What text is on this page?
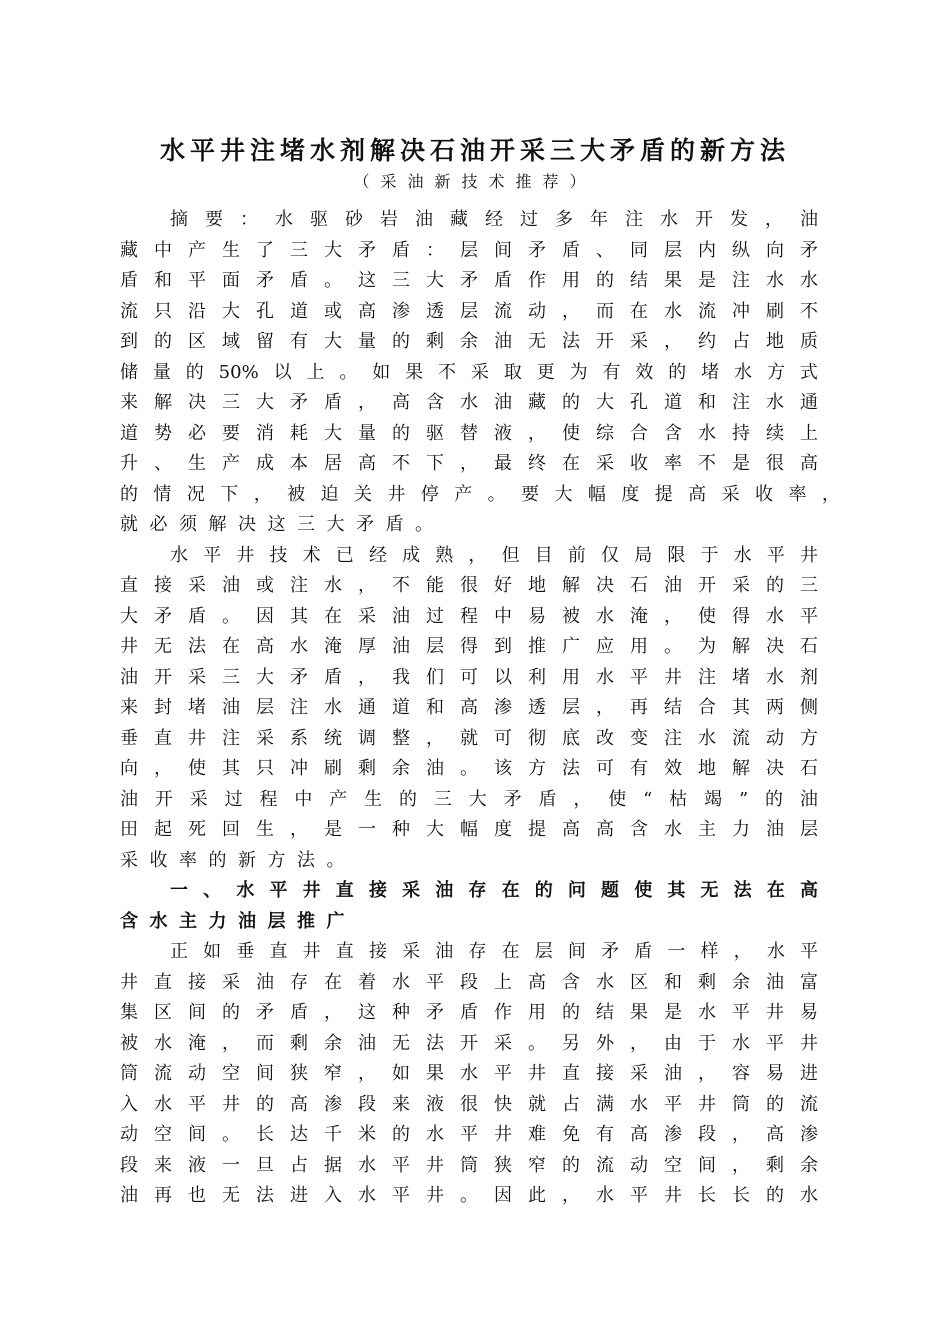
水平井注堵水剂解决石油开采三大矛盾的新方法
（采油新技术推荐）
摘 要 ： 水 驱 砂 岩 油 藏 经 过 多 年 注 水 开 发 ， 油
藏 中 产 生 了 三 大 矛 盾 ： 层 间 矛 盾 、 同 层 内 纵 向 矛
盾 和 平 面 矛 盾 。 这 三 大 矛 盾 作 用 的 结 果 是 注 水 水
流 只 沿 大 孔 道 或 高 渗 透 层 流 动 ， 而 在 水 流 冲 刷 不
到 的 区 域 留 有 大 量 的 剩 余 油 无 法 开 采 ， 约 占 地 质
储 量 的 50% 以 上 。 如 果 不 采 取 更 为 有 效 的 堵 水 方 式
来 解 决 三 大 矛 盾 ， 高 含 水 油 藏 的 大 孔 道 和 注 水 通
道 势 必 要 消 耗 大 量 的 驱 替 液 ， 使 综 合 含 水 持 续 上
升 、 生 产 成 本 居 高 不 下 ， 最 终 在 采 收 率 不 是 很 高
的 情 况 下 ， 被 迫 关 井 停 产 。 要 大 幅 度 提 高 采 收 率 ，
就 必 须 解 决 这 三 大 矛 盾 。
水 平 井 技 术 已 经 成 熟 ， 但 目 前 仅 局 限 于 水 平 井
直 接 采 油 或 注 水 ， 不 能 很 好 地 解 决 石 油 开 采 的 三
大 矛 盾 。 因 其 在 采 油 过 程 中 易 被 水 淹 ， 使 得 水 平
井 无 法 在 高 水 淹 厚 油 层 得 到 推 广 应 用 。 为 解 决 石
油 开 采 三 大 矛 盾 ， 我 们 可 以 利 用 水 平 井 注 堵 水 剂
来 封 堵 油 层 注 水 通 道 和 高 渗 透 层 ， 再 结 合 其 两 侧
垂 直 井 注 采 系 统 调 整 ， 就 可 彻 底 改 变 注 水 流 动 方
向 ， 使 其 只 冲 刷 剩 余 油 。 该 方 法 可 有 效 地 解 决 石
油 开 采 过 程 中 产 生 的 三 大 矛 盾 ， 使 “ 枯 竭 ” 的 油
田 起 死 回 生 ， 是 一 种 大 幅 度 提 高 高 含 水 主 力 油 层
采 收 率 的 新 方 法 。
一 、 水 平 井 直 接 采 油 存 在 的 问 题 使 其 无 法 在 高
含 水 主 力 油 层 推 广
正 如 垂 直 井 直 接 采 油 存 在 层 间 矛 盾 一 样 ， 水 平
井 直 接 采 油 存 在 着 水 平 段 上 高 含 水 区 和 剩 余 油 富
集 区 间 的 矛 盾 ， 这 种 矛 盾 作 用 的 结 果 是 水 平 井 易
被 水 淹 ， 而 剩 余 油 无 法 开 采 。 另 外 ， 由 于 水 平 井
筒 流 动 空 间 狭 窄 ， 如 果 水 平 井 直 接 采 油 ， 容 易 进
入 水 平 井 的 高 渗 段 来 液 很 快 就 占 满 水 平 井 筒 的 流
动 空 间 。 长 达 千 米 的 水 平 井 难 免 有 高 渗 段 ， 高 渗
段 来 液 一 旦 占 据 水 平 井 筒 狭 窄 的 流 动 空 间 ， 剩 余
油 再 也 无 法 进 入 水 平 井 。 因 此 ， 水 平 井 长 长 的 水
